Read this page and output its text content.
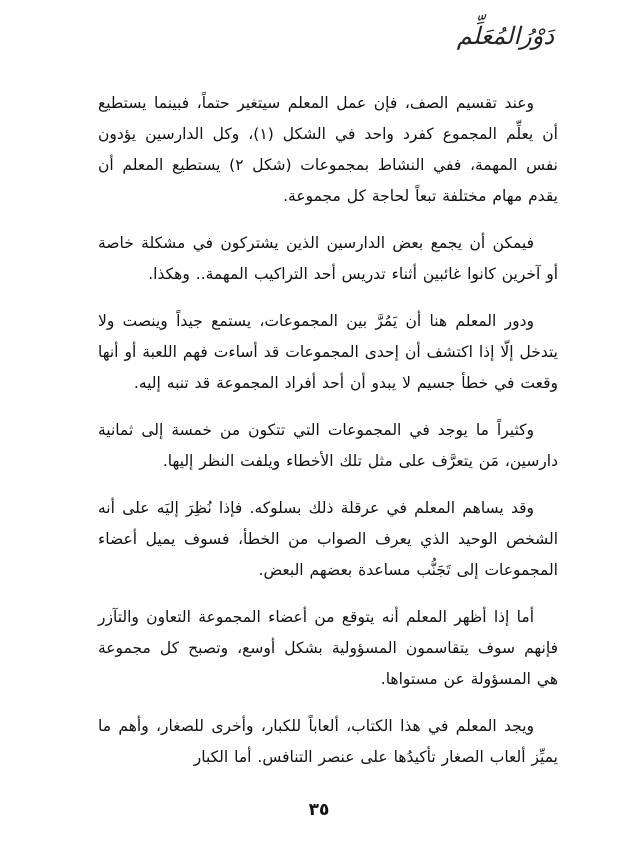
دَوْرُالمُعَلِّم

وعند تقسيم الصف، فإن عمل المعلم سيتغير حتماً، فبينما يستطيع أن يعلِّم المجموع كفرد واحد في الشكل (١)، وكل الدارسين يؤدون نفس المهمة، ففي النشاط بمجموعات (شكل ٢) يستطيع المعلم أن يقدم مهام مختلفة تبعاً لحاجة كل مجموعة.

فيمكن أن يجمع بعض الدارسين الذين يشتركون في مشكلة خاصة أو آخرين كانوا غائبين أثناء تدريس أحد التراكيب المهمة.. وهكذا.

ودور المعلم هنا أن يَمُرَّ بين المجموعات، يستمع جيداً وينصت ولا يتدخل إلّا إذا اكتشف أن إحدى المجموعات قد أساءت فهم اللعبة أو أنها وقعت في خطأ جسيم لا يبدو أن أحد أفراد المجموعة قد تنبه إليه.

وكثيراً ما يوجد في المجموعات التي تتكون من خمسة إلى ثمانية دارسين، مَن يتعرَّف على مثل تلك الأخطاء ويلفت النظر إليها.

وقد يساهم المعلم في عرقلة ذلك بسلوكه. فإذا نُظِرَ إليَه على أنه الشخص الوحيد الذي يعرف الصواب من الخطأ، فسوف يميل أعضاء المجموعات إلى تَجَنُّب مساعدة بعضهم البعض.

أما إذا أظهر المعلم أنه يتوقع من أعضاء المجموعة التعاون والتآزر فإنهم سوف يتقاسمون المسؤولية بشكل أوسع، وتصبح كل مجموعة هي المسؤولة عن مستواها.

ويجد المعلم في هذا الكتاب، ألعاباً للكبار، وأخرى للصغار، وأهم ما يميِّز ألعاب الصغار تأكيدُها على عنصر التنافس. أما الكبار

٣٥
